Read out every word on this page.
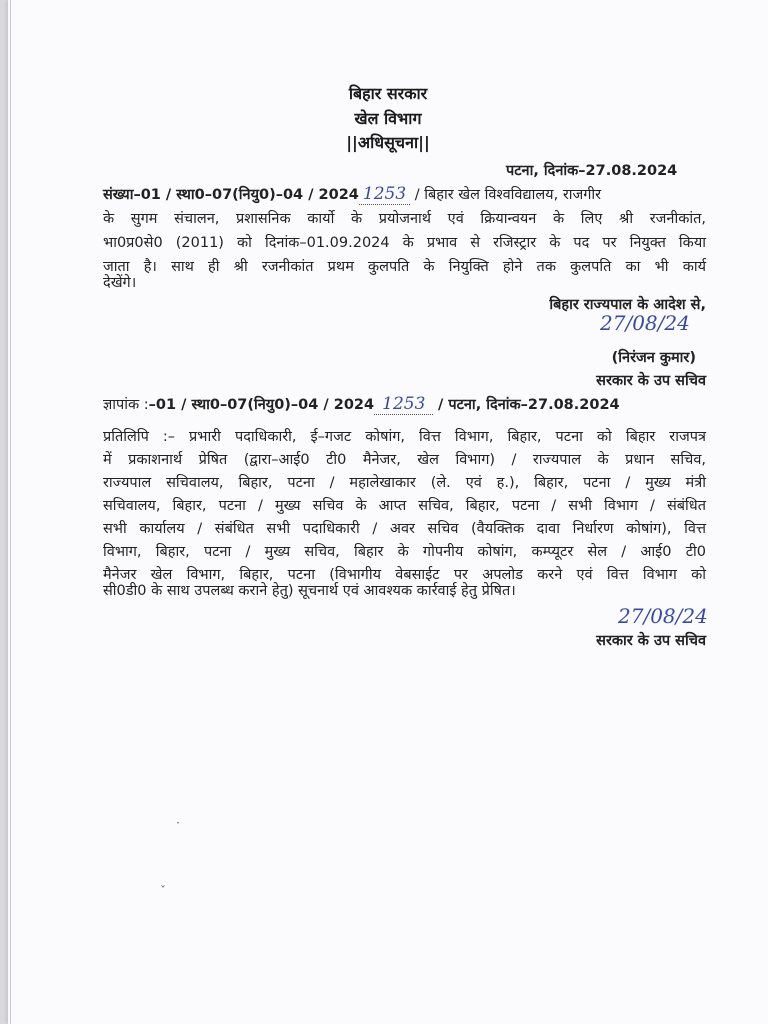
बिहार सरकार
खेल विभाग
||अधिसूचना||
पटना, दिनांक–27.08.2024
संख्या–01 / स्था0–07(नियु0)–04 / 2024 1253 / बिहार खेल विश्वविद्यालय, राजगीर
के सुगम संचालन, प्रशासनिक कार्यो के प्रयोजनार्थ एवं क्रियान्वयन के लिए श्री रजनीकांत,
भा0प्र0से0 (2011) को दिनांक–01.09.2024 के प्रभाव से रजिस्ट्रार के पद पर नियुक्त किया
जाता है। साथ ही श्री रजनीकांत प्रथम कुलपति के नियुक्ति होने तक कुलपति का भी कार्य
देखेंगे।
बिहार राज्यपाल के आदेश से,
27/08/24
(निरंजन कुमार)
सरकार के उप सचिव
ज्ञापांक :–01 / स्था0–07(नियु0)–04 / 2024 1253 / पटना, दिनांक–27.08.2024
प्रतिलिपि :– प्रभारी पदाधिकारी, ई–गजट कोषांग, वित्त विभाग, बिहार, पटना को बिहार राजपत्र
में प्रकाशनार्थ प्रेषित (द्वारा–आई0 टी0 मैनेजर, खेल विभाग) / राज्यपाल के प्रधान सचिव,
राज्यपाल सचिवालय, बिहार, पटना / महालेखाकार (ले. एवं ह.), बिहार, पटना / मुख्य मंत्री
सचिवालय, बिहार, पटना / मुख्य सचिव के आप्त सचिव, बिहार, पटना / सभी विभाग / संबंधित
सभी कार्यालय / संबंधित सभी पदाधिकारी / अवर सचिव (वैयक्तिक दावा निर्धारण कोषांग), वित्त
विभाग, बिहार, पटना / मुख्य सचिव, बिहार के गोपनीय कोषांग, कम्प्यूटर सेल / आई0 टी0
मैनेजर खेल विभाग, बिहार, पटना (विभागीय वेबसाईट पर अपलोड करने एवं वित्त विभाग को
सी0डी0 के साथ उपलब्ध कराने हेतु) सूचनार्थ एवं आवश्यक कार्रवाई हेतु प्रेषित।
27/08/24
सरकार के उप सचिव
·
ˇ
